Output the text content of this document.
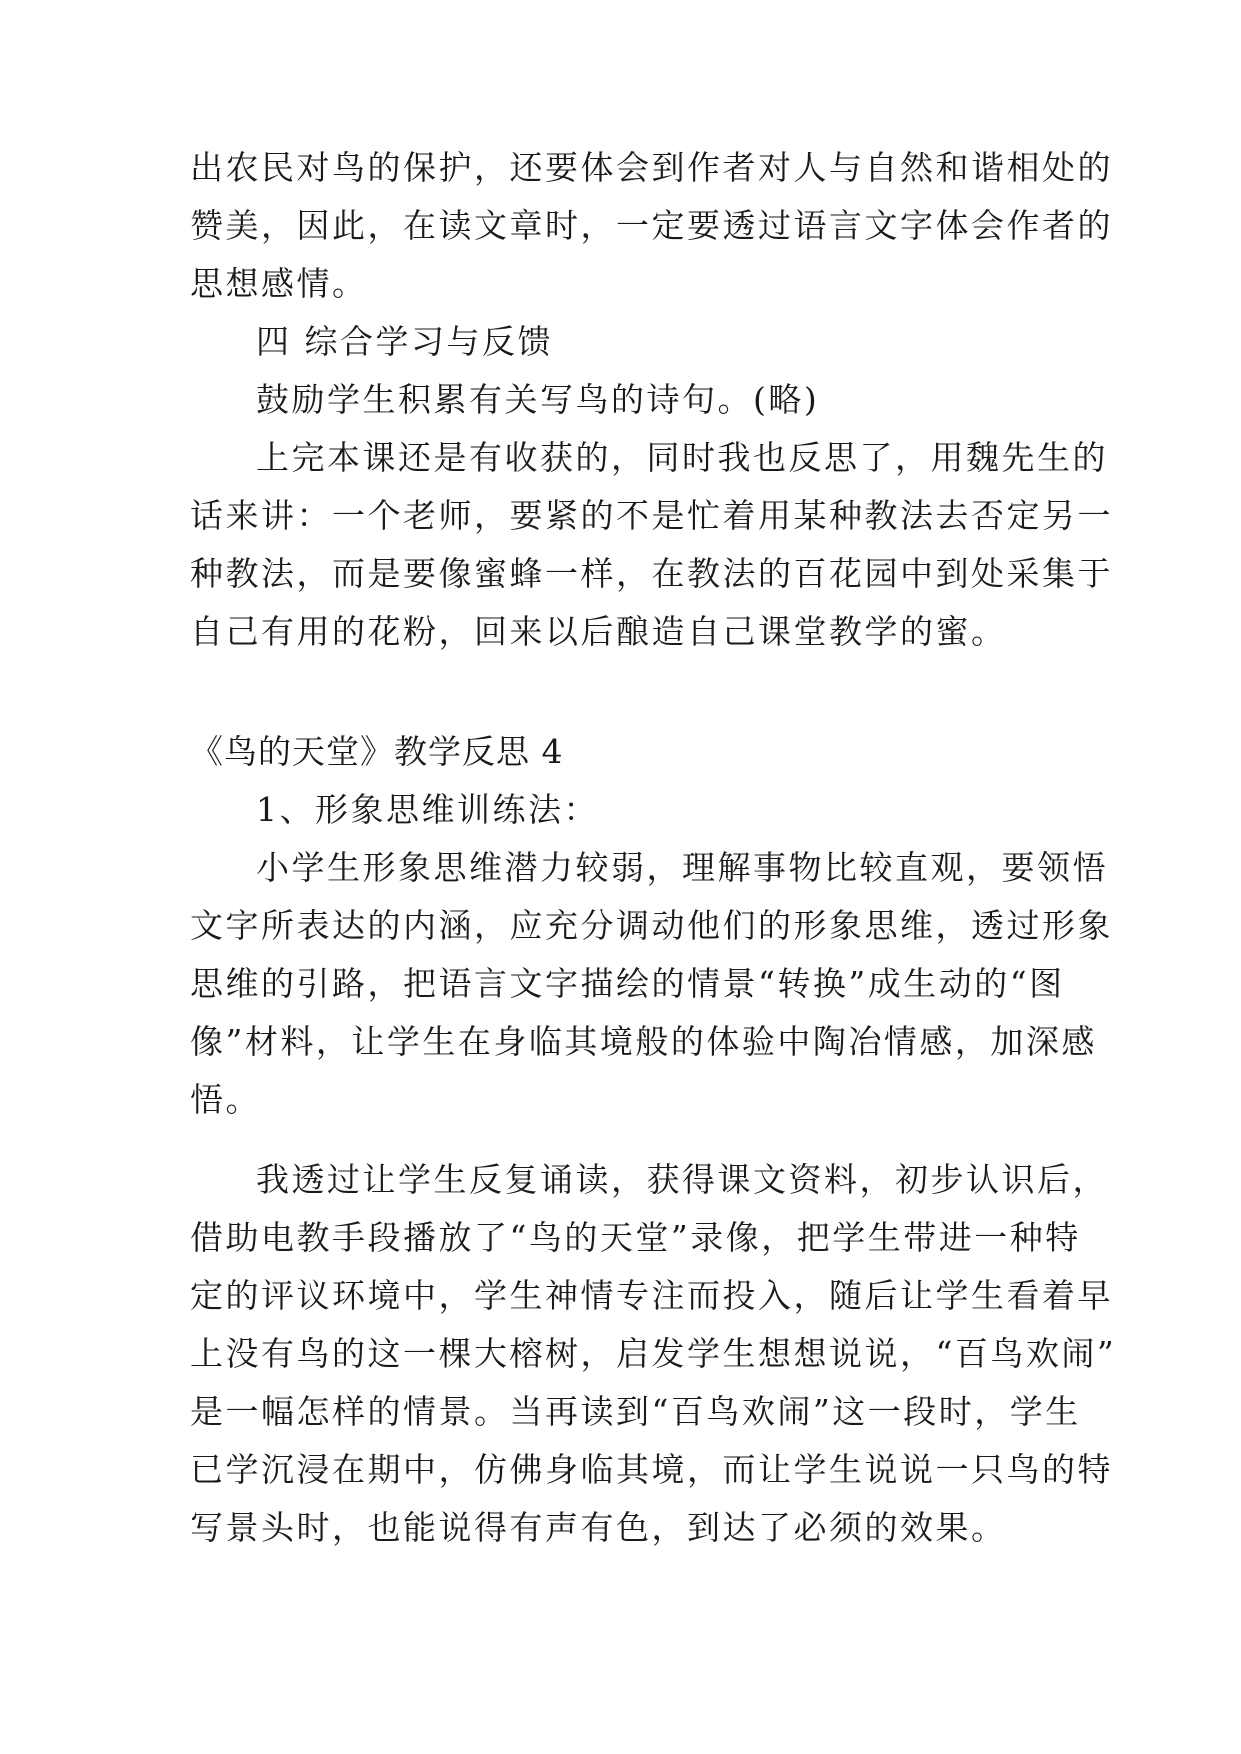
出农民对鸟的保护，还要体会到作者对人与自然和谐相处的
赞美，因此，在读文章时，一定要透过语言文字体会作者的
思想感情。
四 综合学习与反馈
鼓励学生积累有关写鸟的诗句。(略)
上完本课还是有收获的，同时我也反思了，用魏先生的
话来讲：一个老师，要紧的不是忙着用某种教法去否定另一
种教法，而是要像蜜蜂一样，在教法的百花园中到处采集于
自己有用的花粉，回来以后酿造自己课堂教学的蜜。
《鸟的天堂》教学反思 4
1、形象思维训练法：
小学生形象思维潜力较弱，理解事物比较直观，要领悟
文字所表达的内涵，应充分调动他们的形象思维，透过形象
思维的引路，把语言文字描绘的情景“转换”成生动的“图
像”材料，让学生在身临其境般的体验中陶冶情感，加深感
悟。
我透过让学生反复诵读，获得课文资料，初步认识后，
借助电教手段播放了“鸟的天堂”录像，把学生带进一种特
定的评议环境中，学生神情专注而投入，随后让学生看着早
上没有鸟的这一棵大榕树，启发学生想想说说，“百鸟欢闹”
是一幅怎样的情景。当再读到“百鸟欢闹”这一段时，学生
已学沉浸在期中，仿佛身临其境，而让学生说说一只鸟的特
写景头时，也能说得有声有色，到达了必须的效果。
